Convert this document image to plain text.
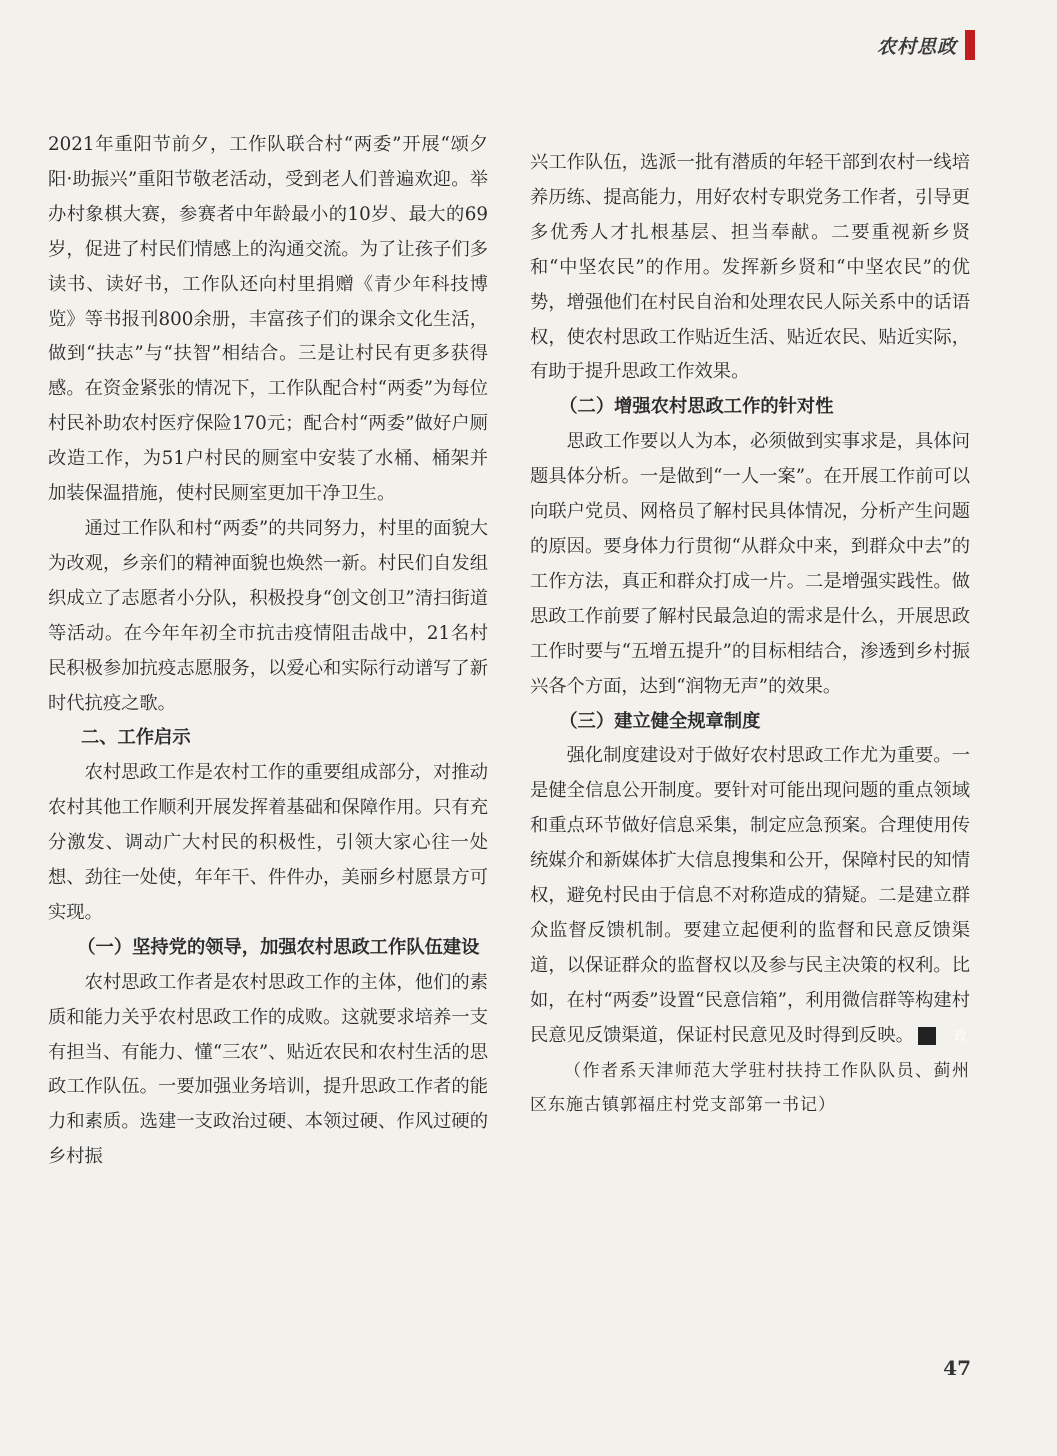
农村思政

2021年重阳节前夕，工作队联合村“两委”开展“颂夕阳·助振兴”重阳节敬老活动，受到老人们普遍欢迎。举办村象棋大赛，参赛者中年龄最小的10岁、最大的69岁，促进了村民们情感上的沟通交流。为了让孩子们多读书、读好书，工作队还向村里捐赠《青少年科技博览》等书报刊800余册，丰富孩子们的课余文化生活，做到“扶志”与“扶智”相结合。三是让村民有更多获得感。在资金紧张的情况下，工作队配合村“两委”为每位村民补助农村医疗保险170元；配合村“两委”做好户厕改造工作，为51户村民的厕室中安装了水桶、桶架并加装保温措施，使村民厕室更加干净卫生。

通过工作队和村“两委”的共同努力，村里的面貌大为改观，乡亲们的精神面貌也焕然一新。村民们自发组织成立了志愿者小分队，积极投身“创文创卫”清扫街道等活动。在今年年初全市抗击疫情阻击战中，21名村民积极参加抗疫志愿服务，以爱心和实际行动谱写了新时代抗疫之歌。

二、工作启示

农村思政工作是农村工作的重要组成部分，对推动农村其他工作顺利开展发挥着基础和保障作用。只有充分激发、调动广大村民的积极性，引领大家心往一处想、劲往一处使，年年干、件件办，美丽乡村愿景方可实现。

（一）坚持党的领导，加强农村思政工作队伍建设

农村思政工作者是农村思政工作的主体，他们的素质和能力关乎农村思政工作的成败。这就要求培养一支有担当、有能力、懂“三农”、贴近农民和农村生活的思政工作队伍。一要加强业务培训，提升思政工作者的能力和素质。选建一支政治过硬、本领过硬、作风过硬的乡村振

兴工作队伍，选派一批有潜质的年轻干部到农村一线培养历练、提高能力，用好农村专职党务工作者，引导更多优秀人才扎根基层、担当奉献。二要重视新乡贤和“中坚农民”的作用。发挥新乡贤和“中坚农民”的优势，增强他们在村民自治和处理农民人际关系中的话语权，使农村思政工作贴近生活、贴近农民、贴近实际，有助于提升思政工作效果。

（二）增强农村思政工作的针对性

思政工作要以人为本，必须做到实事求是，具体问题具体分析。一是做到“一人一案”。在开展工作前可以向联户党员、网格员了解村民具体情况，分析产生问题的原因。要身体力行贯彻“从群众中来，到群众中去”的工作方法，真正和群众打成一片。二是增强实践性。做思政工作前要了解村民最急迫的需求是什么，开展思政工作时要与“五增五提升”的目标相结合，渗透到乡村振兴各个方面，达到“润物无声”的效果。

（三）建立健全规章制度

强化制度建设对于做好农村思政工作尤为重要。一是健全信息公开制度。要针对可能出现问题的重点领域和重点环节做好信息采集，制定应急预案。合理使用传统媒介和新媒体扩大信息搜集和公开，保障村民的知情权，避免村民由于信息不对称造成的猜疑。二是建立群众监督反馈机制。要建立起便利的监督和民意反馈渠道，以保证群众的监督权以及参与民主决策的权利。比如，在村“两委”设置“民意信箱”，利用微信群等构建村民意见反馈渠道，保证村民意见及时得到反映。	政

（作者系天津师范大学驻村扶持工作队队员、蓟州区东施古镇郭福庄村党支部第一书记）

47
